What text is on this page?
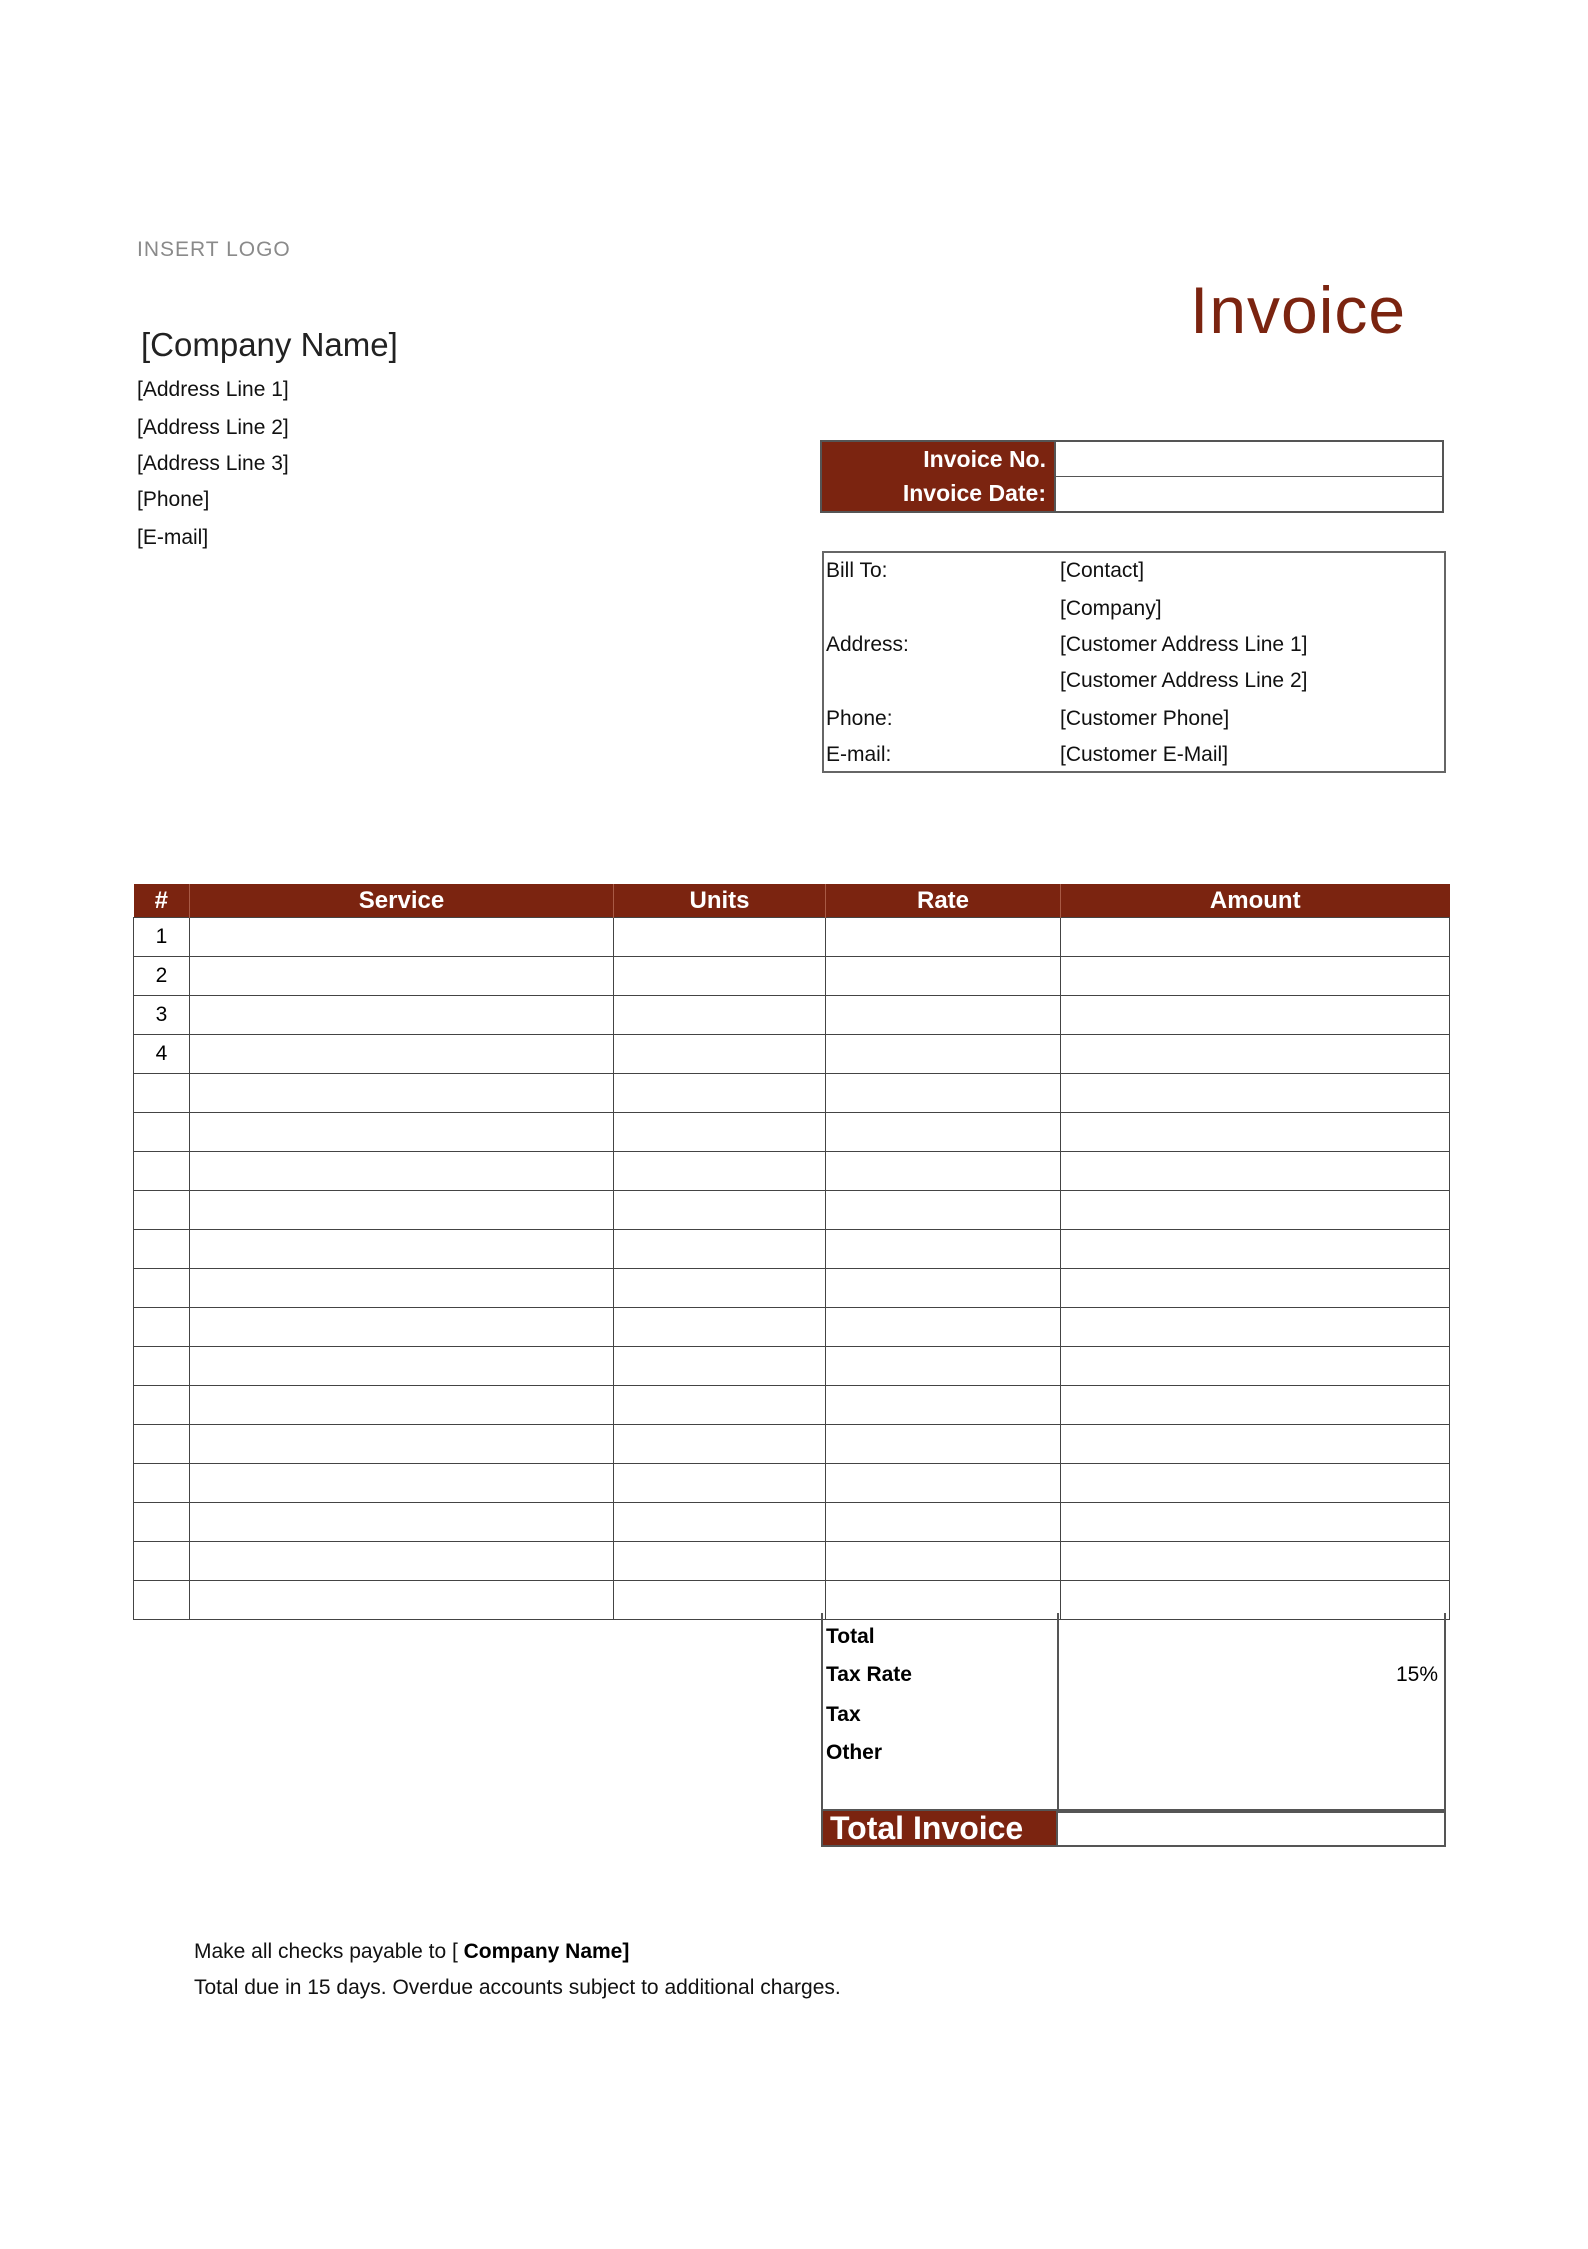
INSERT LOGO
[Company Name]
[Address Line 1]
[Address Line 2]
[Address Line 3]
[Phone]
[E-mail]
Invoice
Invoice No.	
Invoice Date:	
Bill To:	[Contact]
[Company]
Address:	[Customer Address Line 1]
[Customer Address Line 2]
Phone:	[Customer Phone]
E-mail:	[Customer E-Mail]
#	Service	Units	Rate	Amount
1				
2				
3				
4				

Total
Tax Rate	15%
Tax
Other
Total Invoice
Make all checks payable to [ Company Name]
Total due in 15 days. Overdue accounts subject to additional charges.
